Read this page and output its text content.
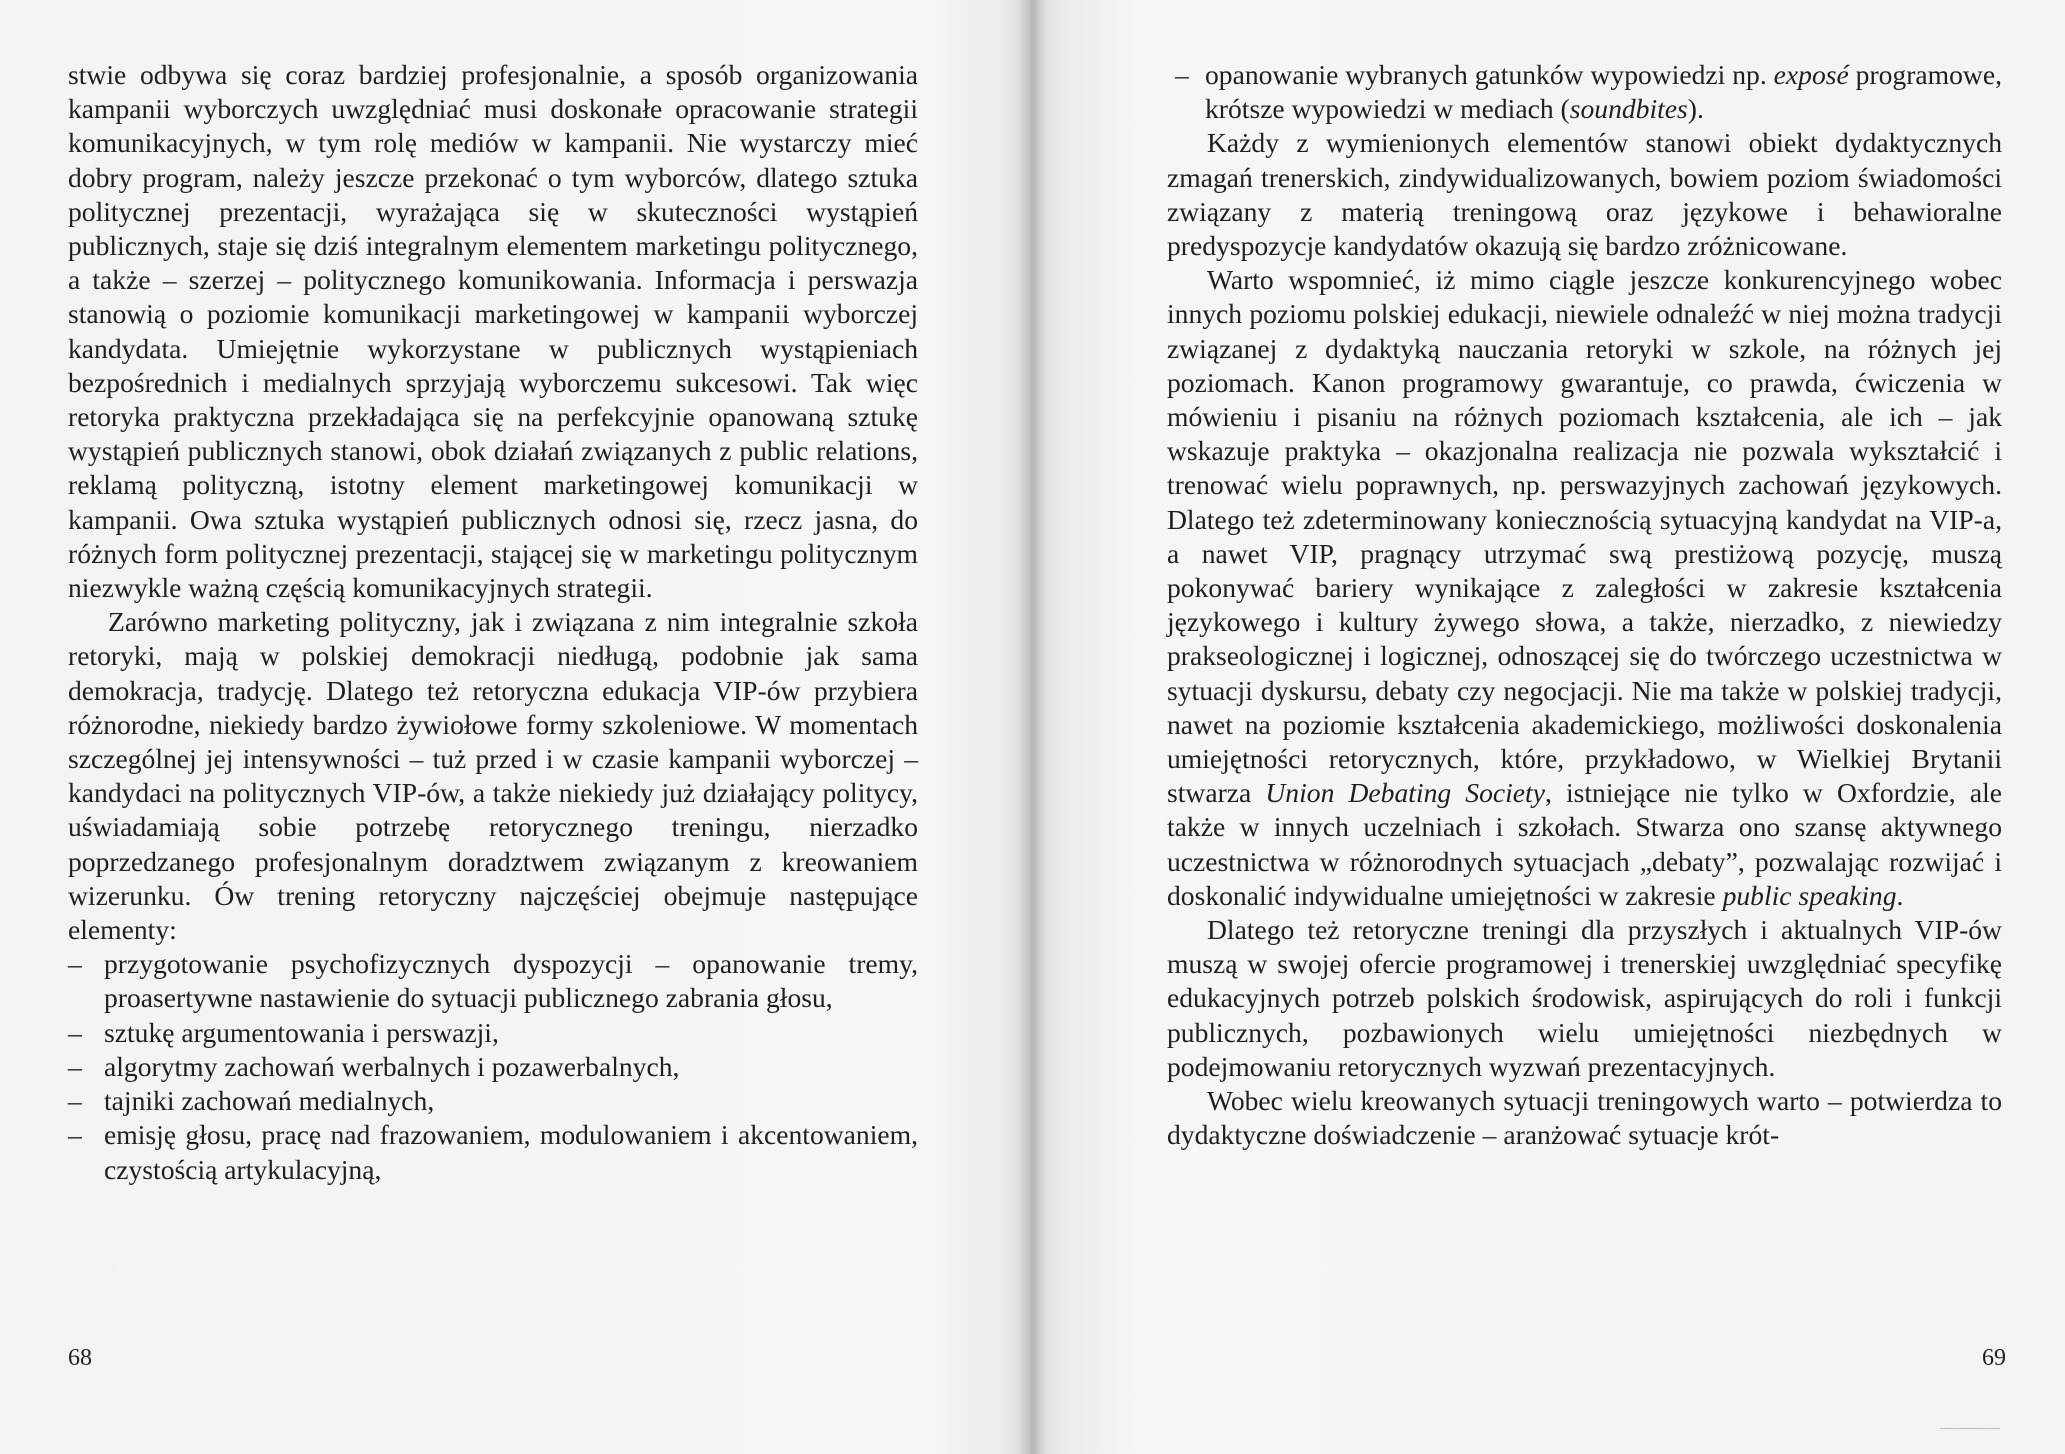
stwie odbywa się coraz bardziej profesjonalnie, a sposób organizowania kampanii wyborczych uwzględniać musi doskonałe opracowanie strategii komunikacyjnych, w tym rolę mediów w kampanii. Nie wystarczy mieć dobry program, należy jeszcze przekonać o tym wyborców, dlatego sztuka politycznej prezentacji, wyrażająca się w skuteczności wystąpień publicznych, staje się dziś integralnym elementem marketingu politycznego, a także – szerzej – politycznego komunikowania. Informacja i perswazja stanowią o poziomie komunikacji marketingowej w kampanii wyborczej kandydata. Umiejętnie wykorzystane w publicznych wystąpieniach bezpośrednich i medialnych sprzyjają wyborczemu sukcesowi. Tak więc retoryka praktyczna przekładająca się na perfekcyjnie opanowaną sztukę wystąpień publicznych stanowi, obok działań związanych z public relations, reklamą polityczną, istotny element marketingowej komunikacji w kampanii. Owa sztuka wystąpień publicznych odnosi się, rzecz jasna, do różnych form politycznej prezentacji, stającej się w marketingu politycznym niezwykle ważną częścią komunikacyjnych strategii.

Zarówno marketing polityczny, jak i związana z nim integralnie szkoła retoryki, mają w polskiej demokracji niedługą, podobnie jak sama demokracja, tradycję. Dlatego też retoryczna edukacja VIP-ów przybiera różnorodne, niekiedy bardzo żywiołowe formy szkoleniowe. W momentach szczególnej jej intensywności – tuż przed i w czasie kampanii wyborczej – kandydaci na politycznych VIP-ów, a także niekiedy już działający politycy, uświadamiają sobie potrzebę retorycznego treningu, nierzadko poprzedzanego profesjonalnym doradztwem związanym z kreowaniem wizerunku. Ów trening retoryczny najczęściej obejmuje następujące elementy:

– przygotowanie psychofizycznych dyspozycji – opanowanie tremy, proasertywne nastawienie do sytuacji publicznego zabrania głosu,
– sztukę argumentowania i perswazji,
– algorytmy zachowań werbalnych i pozawerbalnych,
– tajniki zachowań medialnych,
– emisję głosu, pracę nad frazowaniem, modulowaniem i akcentowaniem, czystością artykulacyjną,
68
– opanowanie wybranych gatunków wypowiedzi np. exposé programowe, krótsze wypowiedzi w mediach (soundbites).

Każdy z wymienionych elementów stanowi obiekt dydaktycznych zmagań trenerskich, zindywidualizowanych, bowiem poziom świadomości związany z materią treningową oraz językowe i behawioralne predyspozycje kandydatów okazują się bardzo zróżnicowane.

Warto wspomnieć, iż mimo ciągle jeszcze konkurencyjnego wobec innych poziomu polskiej edukacji, niewiele odnaleźć w niej można tradycji związanej z dydaktyką nauczania retoryki w szkole, na różnych jej poziomach. Kanon programowy gwarantuje, co prawda, ćwiczenia w mówieniu i pisaniu na różnych poziomach kształcenia, ale ich – jak wskazuje praktyka – okazjonalna realizacja nie pozwala wykształcić i trenować wielu poprawnych, np. perswazyjnych zachowań językowych. Dlatego też zdeterminowany koniecznością sytuacyjną kandydat na VIP-a, a nawet VIP, pragnący utrzymać swą prestiżową pozycję, muszą pokonywać bariery wynikające z zaległości w zakresie kształcenia językowego i kultury żywego słowa, a także, nierzadko, z niewiedzy prakseologicznej i logicznej, odnoszącej się do twórczego uczestnictwa w sytuacji dyskursu, debaty czy negocjacji. Nie ma także w polskiej tradycji, nawet na poziomie kształcenia akademickiego, możliwości doskonalenia umiejętności retorycznych, które, przykładowo, w Wielkiej Brytanii stwarza Union Debating Society, istniejące nie tylko w Oxfordzie, ale także w innych uczelniach i szkołach. Stwarza ono szansę aktywnego uczestnictwa w różnorodnych sytuacjach „debaty”, pozwalając rozwijać i doskonalić indywidualne umiejętności w zakresie public speaking.

Dlatego też retoryczne treningi dla przyszłych i aktualnych VIP-ów muszą w swojej ofercie programowej i trenerskiej uwzględniać specyfikę edukacyjnych potrzeb polskich środowisk, aspirujących do roli i funkcji publicznych, pozbawionych wielu umiejętności niezbędnych w podejmowaniu retorycznych wyzwań prezentacyjnych.

Wobec wielu kreowanych sytuacji treningowych warto – potwierdza to dydaktyczne doświadczenie – aranżować sytuacje krót-

69
